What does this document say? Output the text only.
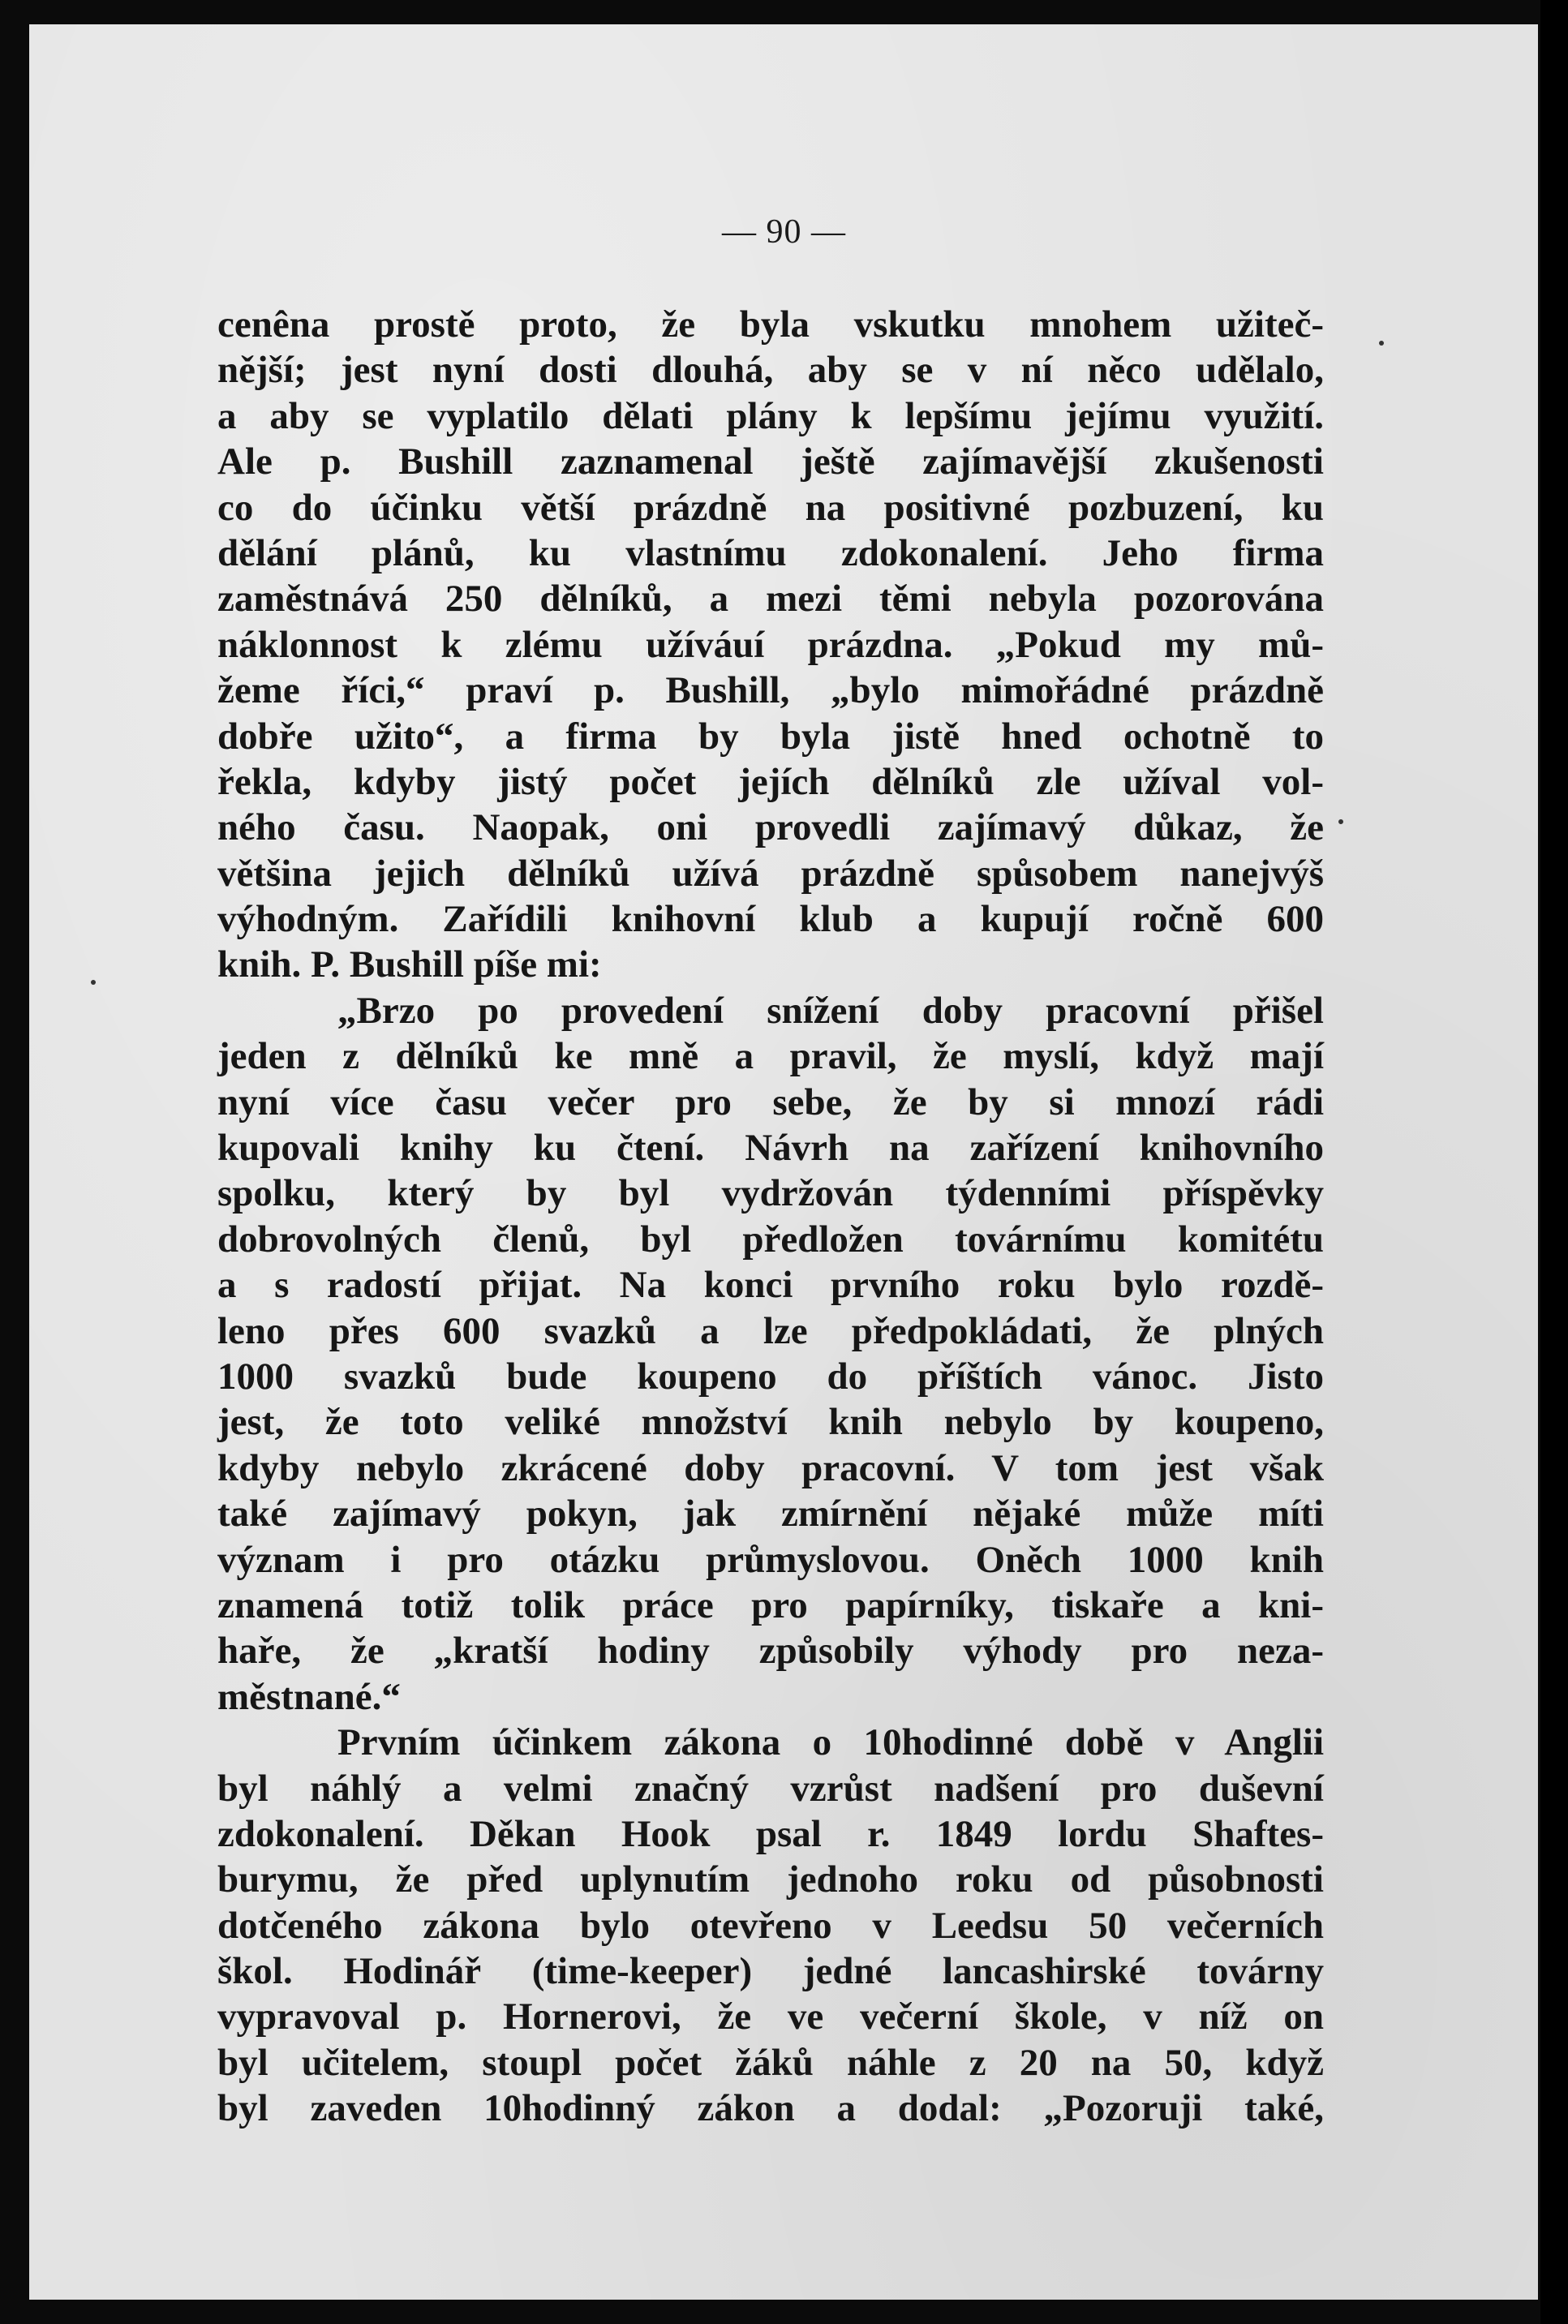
— 90 —
cenêna prostě proto, že byla vskutku mnohem užiteč-
nější; jest nyní dosti dlouhá, aby se v ní něco udělalo,
a aby se vyplatilo dělati plány k lepšímu jejímu využití.
Ale p. Bushill zaznamenal ještě zajímavější zkušenosti
co do účinku větší prázdně na positivné pozbuzení, ku
dělání plánů, ku vlastnímu zdokonalení. Jeho firma
zaměstnává 250 dělníků, a mezi těmi nebyla pozorována
náklonnost k zlému užíváuí prázdna. „Pokud my mů-
žeme říci,“ praví p. Bushill, „bylo mimořádné prázdně
dobře užito“, a firma by byla jistě hned ochotně to
řekla, kdyby jistý počet jejích dělníků zle užíval vol-
ného času. Naopak, oni provedli zajímavý důkaz, že
většina jejich dělníků užívá prázdně spůsobem nanejvýš
výhodným. Zařídili knihovní klub a kupují ročně 600
knih. P. Bushill píše mi:
„Brzo po provedení snížení doby pracovní přišel
jeden z dělníků ke mně a pravil, že myslí, když mají
nyní více času večer pro sebe, že by si mnozí rádi
kupovali knihy ku čtení. Návrh na zařízení knihovního
spolku, který by byl vydržován týdenními příspěvky
dobrovolných členů, byl předložen továrnímu komitétu
a s radostí přijat. Na konci prvního roku bylo rozdě-
leno přes 600 svazků a lze předpokládati, že plných
1000 svazků bude koupeno do příštích vánoc. Jisto
jest, že toto veliké množství knih nebylo by koupeno,
kdyby nebylo zkrácené doby pracovní. V tom jest však
také zajímavý pokyn, jak zmírnění nějaké může míti
význam i pro otázku průmyslovou. Oněch 1000 knih
znamená totiž tolik práce pro papírníky, tiskaře a kni-
haře, že „kratší hodiny způsobily výhody pro neza-
městnané.“
Prvním účinkem zákona o 10hodinné době v Anglii
byl náhlý a velmi značný vzrůst nadšení pro duševní
zdokonalení. Děkan Hook psal r. 1849 lordu Shaftes-
burymu, že před uplynutím jednoho roku od působnosti
dotčeného zákona bylo otevřeno v Leedsu 50 večerních
škol. Hodinář (time-keeper) jedné lancashirské továrny
vypravoval p. Hornerovi, že ve večerní škole, v níž on
byl učitelem, stoupl počet žáků náhle z 20 na 50, když
byl zaveden 10hodinný zákon a dodal: „Pozoruji také,
